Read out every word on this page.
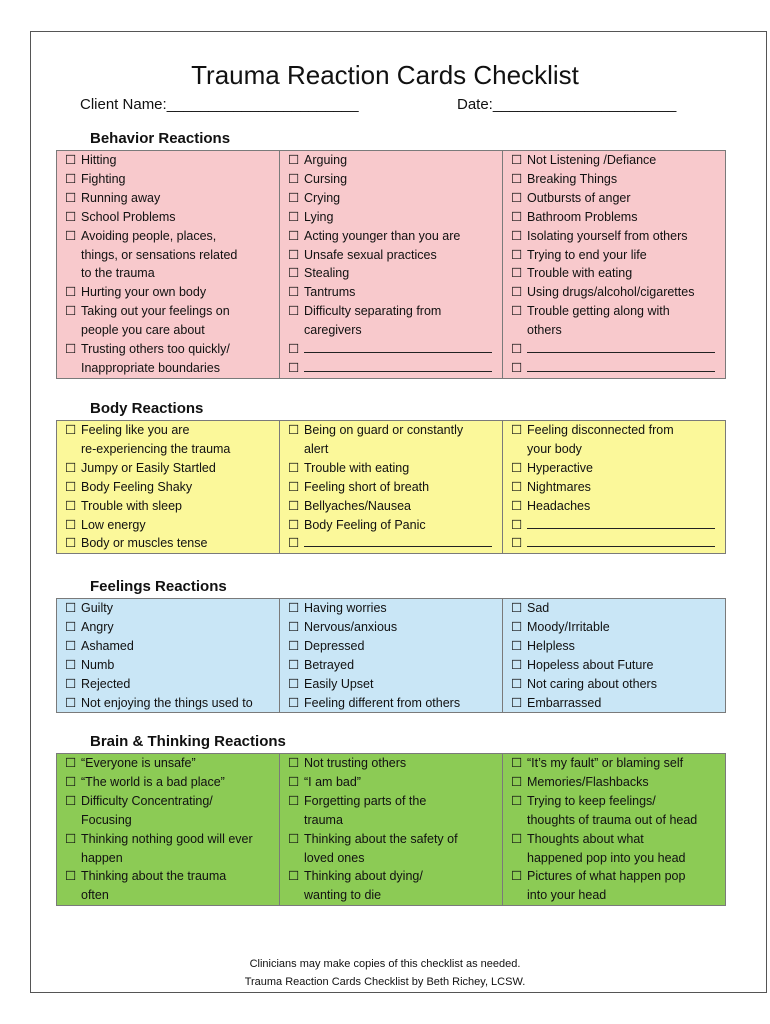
Trauma Reaction Cards Checklist
Client Name:_______________________	Date:______________________
Behavior Reactions
☐ Hitting
☐ Fighting
☐ Running away
☐ School Problems
☐ Avoiding people, places,
things, or sensations related
to the trauma
☐ Hurting your own body
☐ Taking out your feelings on
people you care about
☐ Trusting others too quickly/
Inappropriate boundaries

☐ Arguing
☐ Cursing
☐ Crying
☐ Lying
☐ Acting younger than you are
☐ Unsafe sexual practices
☐ Stealing
☐ Tantrums
☐ Difficulty separating from
caregivers
☐
☐

☐ Not Listening /Defiance
☐ Breaking Things
☐ Outbursts of anger
☐ Bathroom Problems
☐ Isolating yourself from others
☐ Trying to end your life
☐ Trouble with eating
☐ Using drugs/alcohol/cigarettes
☐ Trouble getting along with
others
☐
☐
Body Reactions
☐ Feeling like you are
re-experiencing the trauma
☐ Jumpy or Easily Startled
☐ Body Feeling Shaky
☐ Trouble with sleep
☐ Low energy
☐ Body or muscles tense

☐ Being on guard or constantly
alert
☐ Trouble with eating
☐ Feeling short of breath
☐ Bellyaches/Nausea
☐ Body Feeling of Panic
☐

☐ Feeling disconnected from
your body
☐ Hyperactive
☐ Nightmares
☐ Headaches
☐
☐
Feelings Reactions
☐ Guilty
☐ Angry
☐ Ashamed
☐ Numb
☐ Rejected
☐ Not enjoying the things used to

☐ Having worries
☐ Nervous/anxious
☐ Depressed
☐ Betrayed
☐ Easily Upset
☐ Feeling different from others

☐ Sad
☐ Moody/Irritable
☐ Helpless
☐ Hopeless about Future
☐ Not caring about others
☐ Embarrassed
Brain & Thinking Reactions
☐ “Everyone is unsafe”
☐ “The world is a bad place”
☐ Difficulty Concentrating/
Focusing
☐ Thinking nothing good will ever
happen
☐ Thinking about the trauma
often

☐ Not trusting others
☐ “I am bad”
☐ Forgetting parts of the
trauma
☐ Thinking about the safety of
loved ones
☐ Thinking about dying/
wanting to die

☐ “It’s my fault” or blaming self
☐ Memories/Flashbacks
☐ Trying to keep feelings/
thoughts of trauma out of head
☐ Thoughts about what
happened pop into you head
☐ Pictures of what happen pop
into your head
Clinicians may make copies of this checklist as needed.
Trauma Reaction Cards Checklist by Beth Richey, LCSW.
